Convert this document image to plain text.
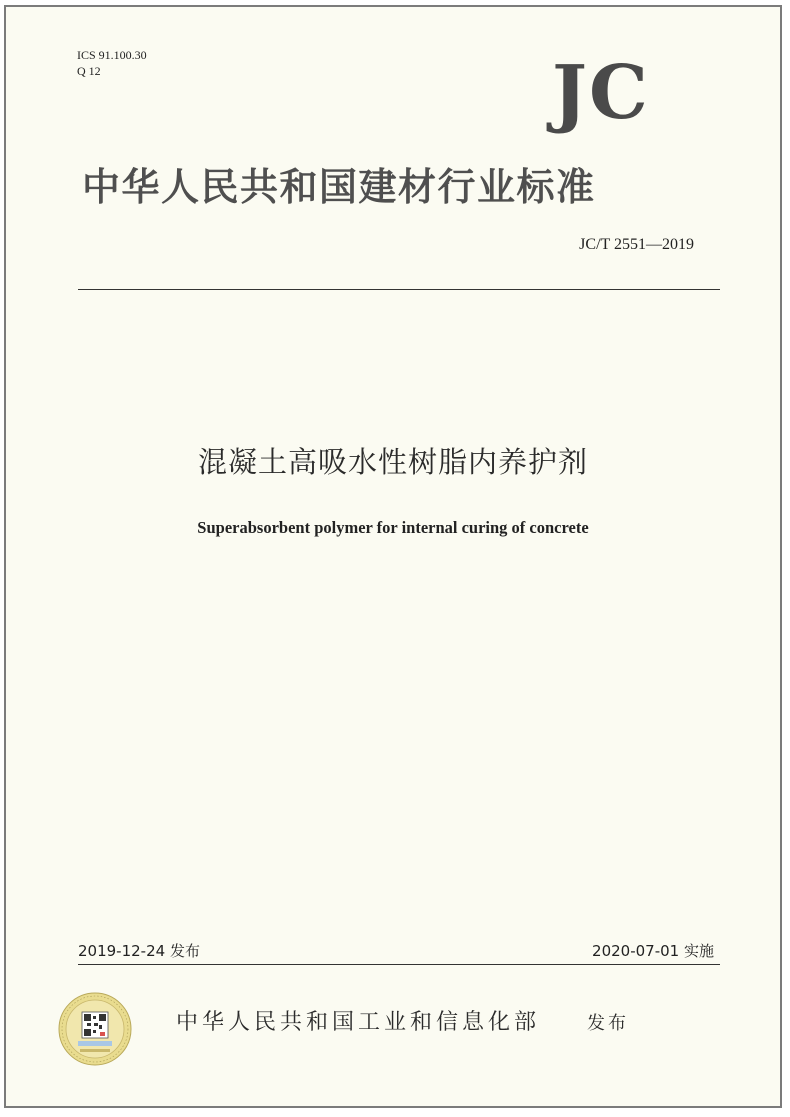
ICS 91.100.30
Q 12	JC
中华人民共和国建材行业标准
JC/T 2551—2019
混凝土高吸水性树脂内养护剂
Superabsorbent polymer for internal curing of concrete
2019-12-24 发布	2020-07-01 实施
中华人民共和国工业和信息化部	发布
